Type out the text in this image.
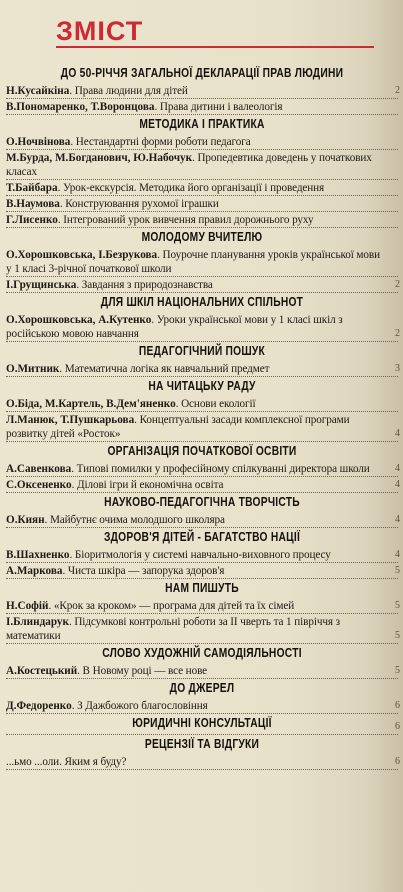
ЗМІСТ
ДО 50-РІЧЧЯ ЗАГАЛЬНОЇ ДЕКЛАРАЦІЇ ПРАВ ЛЮДИНИ
Н.Кусайкіна. Права людини для дітей	2
В.Пономаренко, Т.Воронцова. Права дитини і валеологія
МЕТОДИКА І ПРАКТИКА
О.Ночвінова. Нестандартні форми роботи педагога
М.Бурда, М.Богданович, Ю.Набочук. Пропедевтика доведень у початкових класах
Т.Байбара. Урок-екскурсія. Методика його організації і проведення
В.Наумова. Конструювання рухомої іграшки
Г.Лисенко. Інтегрований урок вивчення правил дорожнього руху
МОЛОДОМУ ВЧИТЕЛЮ
О.Хорошковська, І.Безрукова. Поурочне планування уроків української мови у 1 класі 3-річної початкової школи
І.Грущинська. Завдання з природознавства	2
ДЛЯ ШКІЛ НАЦІОНАЛЬНИХ СПІЛЬНОТ
О.Хорошковська, А.Кутенко. Уроки української мови у 1 класі шкіл з російською мовою навчання	2
ПЕДАГОГІЧНИЙ ПОШУК
О.Митник. Математична логіка як навчальний предмет	3
НА ЧИТАЦЬКУ РАДУ
О.Біда, М.Картель, В.Дем'яненко. Основи екології
Л.Манюк, Т.Пушкарьова. Концептуальні засади комплексної програми розвитку дітей «Росток»	4
ОРГАНІЗАЦІЯ ПОЧАТКОВОЇ ОСВІТИ
А.Савенкова. Типові помилки у професійному спілкуванні директора школи	4
С.Оксененко. Ділові ігри й економічна освіта	4
НАУКОВО-ПЕДАГОГІЧНА ТВОРЧІСТЬ
О.Киян. Майбутнє очима молодшого школяра	4
ЗДОРОВ'Я ДІТЕЙ - БАГАТСТВО НАЦІЇ
В.Шахненко. Біоритмологія у системі навчально-виховного процесу	4
А.Маркова. Чиста шкіра — запорука здоров'я	5
НАМ ПИШУТЬ
Н.Софій. «Крок за кроком» — програма для дітей та їх сімей	5
І.Блиндарук. Підсумкові контрольні роботи за II чверть та 1 півріччя з математики	5
СЛОВО ХУДОЖНІЙ САМОДІЯЛЬНОСТІ
А.Костецький. В Новому році — все нове	5
ДО ДЖЕРЕЛ
Д.Федоренко. З Дажбожого благословіння	6
ЮРИДИЧНІ КОНСУЛЬТАЦІЇ	6
РЕЦЕНЗІЇ ТА ВІДГУКИ
...ьмо ...оли. Яким я буду?	6
